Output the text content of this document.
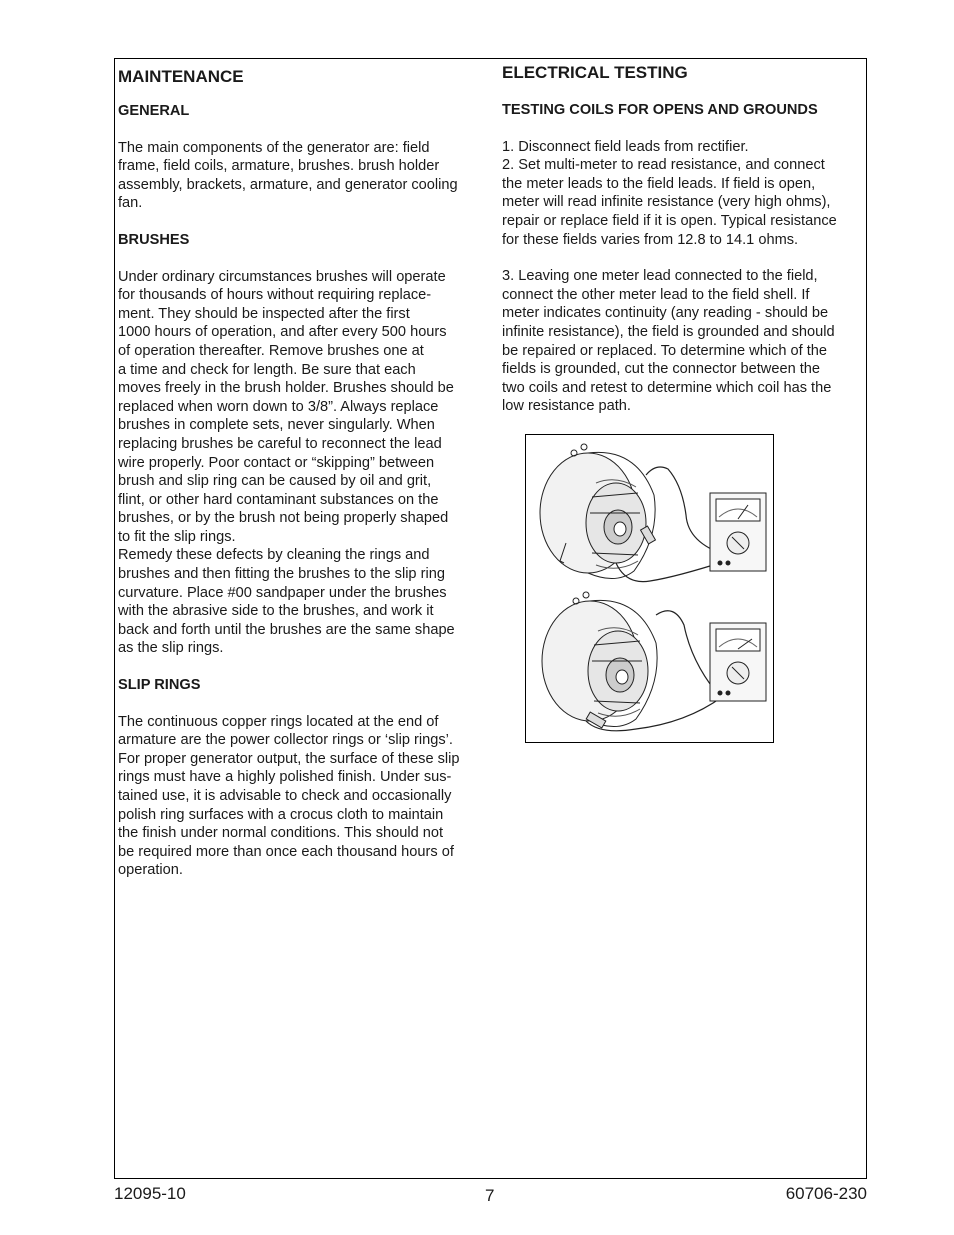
MAINTENANCE

GENERAL

The main components of the generator are: field
frame, field coils, armature, brushes. brush holder
assembly, brackets, armature, and generator cooling
fan.

BRUSHES

Under ordinary circumstances brushes will operate
for thousands of hours without requiring replace-
ment. They should be inspected after the first
1000 hours of operation, and after every 500 hours
of operation thereafter. Remove brushes one at
a time and check for length. Be sure that each
moves freely in the brush holder. Brushes should be
replaced when worn down to 3/8”. Always replace
brushes in complete sets, never singularly. When
replacing brushes be careful to reconnect the lead
wire properly. Poor contact or “skipping” between
brush and slip ring can be caused by oil and grit,
flint, or other hard contaminant substances on the
brushes, or by the brush not being properly shaped
to fit the slip rings.
Remedy these defects by cleaning the rings and
brushes and then fitting the brushes to the slip ring
curvature. Place #00 sandpaper under the brushes
with the abrasive side to the brushes, and work it
back and forth until the brushes are the same shape
as the slip rings.

SLIP RINGS

The continuous copper rings located at the end of
armature are the power collector rings or ‘slip rings’.
For proper generator output, the surface of these slip
rings must have a highly polished finish. Under sus-
tained use, it is advisable to check and occasionally
polish ring surfaces with a crocus cloth to maintain
the finish under normal conditions. This should not
be required more than once each thousand hours of
operation.

ELECTRICAL TESTING

TESTING COILS FOR OPENS AND GROUNDS

1. Disconnect field leads from rectifier.
2. Set multi-meter to read resistance, and connect
the meter leads to the field leads. If field is open,
meter will read infinite resistance (very high ohms),
repair or replace field if it is open. Typical resistance
for these fields varies from 12.8 to 14.1 ohms.
3. Leaving one meter lead connected to the field,
connect the other meter lead to the field shell. If
meter indicates continuity (any reading - should be
infinite resistance), the field is grounded and should
be repaired or replaced. To determine which of the
fields is grounded, cut the connector between the
two coils and retest to determine which coil has the
low resistance path.
12095-10	7	60706-230
